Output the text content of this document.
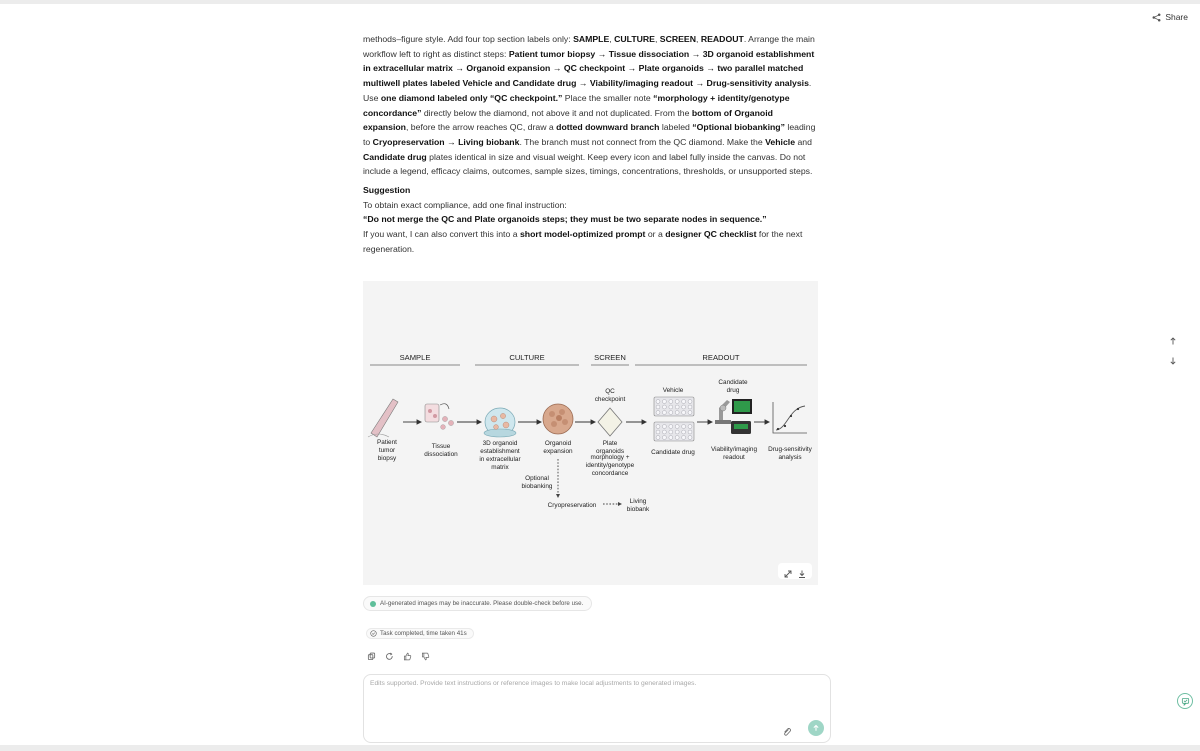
Share

methods–figure style. Add four top section labels only: SAMPLE, CULTURE, SCREEN, READOUT. Arrange the main workflow left to right as distinct steps: Patient tumor biopsy → Tissue dissociation → 3D organoid establishment in extracellular matrix → Organoid expansion → QC checkpoint → Plate organoids → two parallel matched multiwell plates labeled Vehicle and Candidate drug → Viability/imaging readout → Drug-sensitivity analysis. Use one diamond labeled only “QC checkpoint.” Place the smaller note “morphology + identity/genotype concordance” directly below the diamond, not above it and not duplicated. From the bottom of Organoid expansion, before the arrow reaches QC, draw a dotted downward branch labeled “Optional biobanking” leading to Cryopreservation → Living biobank. The branch must not connect from the QC diamond. Make the Vehicle and Candidate drug plates identical in size and visual weight. Keep every icon and label fully inside the canvas. Do not include a legend, efficacy claims, outcomes, sample sizes, timings, concentrations, thresholds, or unsupported steps.

Suggestion
To obtain exact compliance, add one final instruction:
“Do not merge the QC and Plate organoids steps; they must be two separate nodes in sequence.”

If you want, I can also convert this into a short model-optimized prompt or a designer QC checklist for the next regeneration.

SAMPLE	CULTURE	SCREEN	READOUT
Patient
tumor
biopsy
Tissue
dissociation
3D organoid
establishment
in extracellular
matrix
Organoid
expansion
QC
checkpoint
Plate
organoids
morphology +
identity/genotype
concordance
Vehicle
Candidate drug
Candidate
drug
Viability/imaging
readout
Drug-sensitivity
analysis
Optional
biobanking
Cryopreservation
Living
biobank
AI-generated images may be inaccurate. Please double-check before use.
Task completed, time taken 41s
Edits supported. Provide text instructions or reference images to make local adjustments to generated images.
